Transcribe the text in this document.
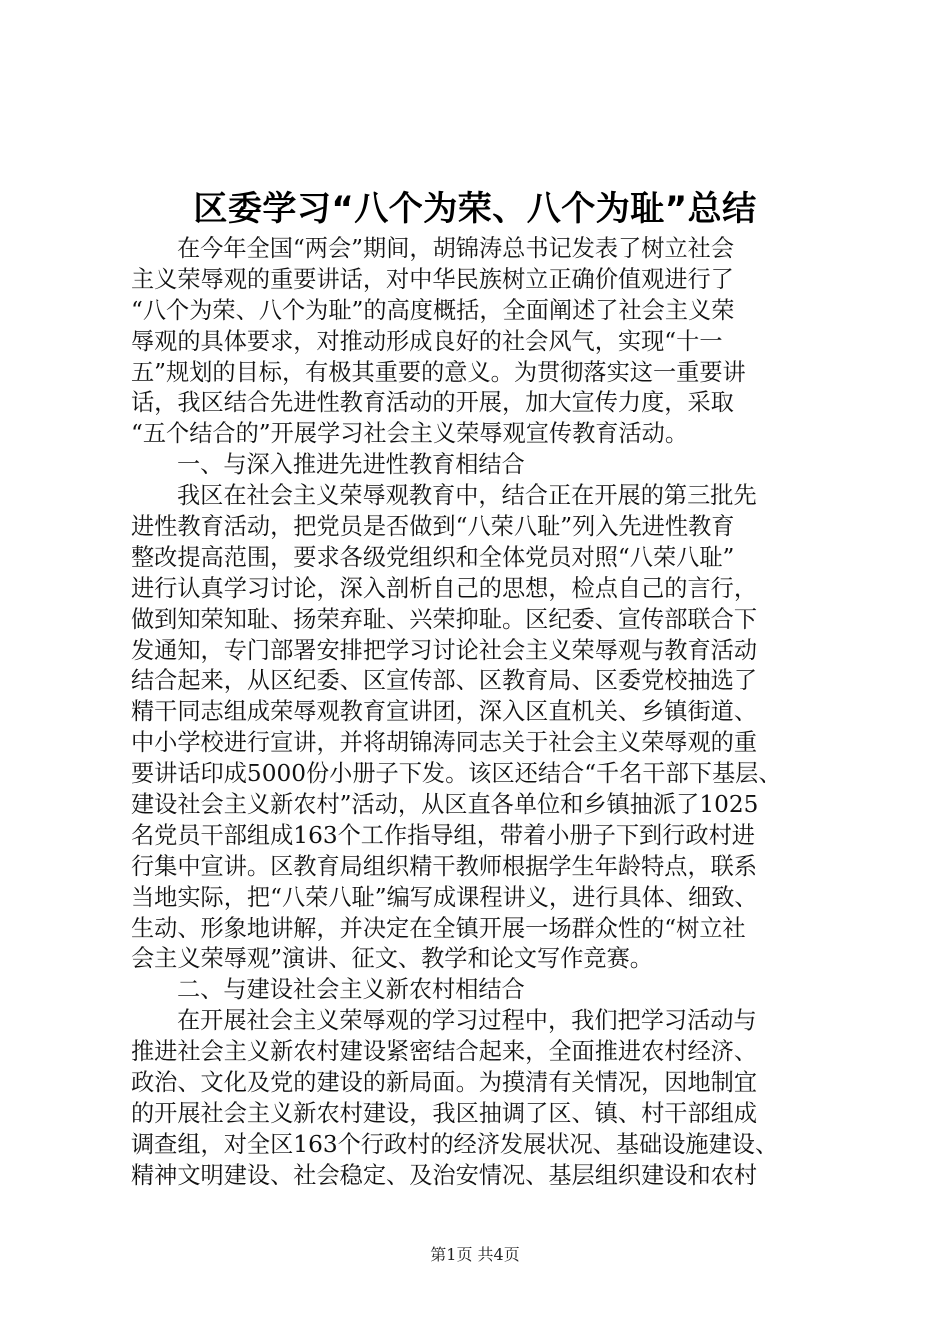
区委学习“八个为荣、八个为耻”总结
在今年全国“两会”期间，胡锦涛总书记发表了树立社会
主义荣辱观的重要讲话，对中华民族树立正确价值观进行了
“八个为荣、八个为耻”的高度概括，全面阐述了社会主义荣
辱观的具体要求，对推动形成良好的社会风气，实现“十一
五”规划的目标，有极其重要的意义。为贯彻落实这一重要讲
话，我区结合先进性教育活动的开展，加大宣传力度，采取
“五个结合的”开展学习社会主义荣辱观宣传教育活动。
一、与深入推进先进性教育相结合
我区在社会主义荣辱观教育中，结合正在开展的第三批先
进性教育活动，把党员是否做到“八荣八耻”列入先进性教育
整改提高范围，要求各级党组织和全体党员对照“八荣八耻”
进行认真学习讨论，深入剖析自己的思想，检点自己的言行，
做到知荣知耻、扬荣弃耻、兴荣抑耻。区纪委、宣传部联合下
发通知，专门部署安排把学习讨论社会主义荣辱观与教育活动
结合起来，从区纪委、区宣传部、区教育局、区委党校抽选了
精干同志组成荣辱观教育宣讲团，深入区直机关、乡镇街道、
中小学校进行宣讲，并将胡锦涛同志关于社会主义荣辱观的重
要讲话印成5000份小册子下发。该区还结合“千名干部下基层、
建设社会主义新农村”活动，从区直各单位和乡镇抽派了1025
名党员干部组成163个工作指导组，带着小册子下到行政村进
行集中宣讲。区教育局组织精干教师根据学生年龄特点，联系
当地实际，把“八荣八耻”编写成课程讲义，进行具体、细致、
生动、形象地讲解，并决定在全镇开展一场群众性的“树立社
会主义荣辱观”演讲、征文、教学和论文写作竞赛。
二、与建设社会主义新农村相结合
在开展社会主义荣辱观的学习过程中，我们把学习活动与
推进社会主义新农村建设紧密结合起来，全面推进农村经济、
政治、文化及党的建设的新局面。为摸清有关情况，因地制宜
的开展社会主义新农村建设，我区抽调了区、镇、村干部组成
调查组，对全区163个行政村的经济发展状况、基础设施建设、
精神文明建设、社会稳定、及治安情况、基层组织建设和农村
第1页 共4页
